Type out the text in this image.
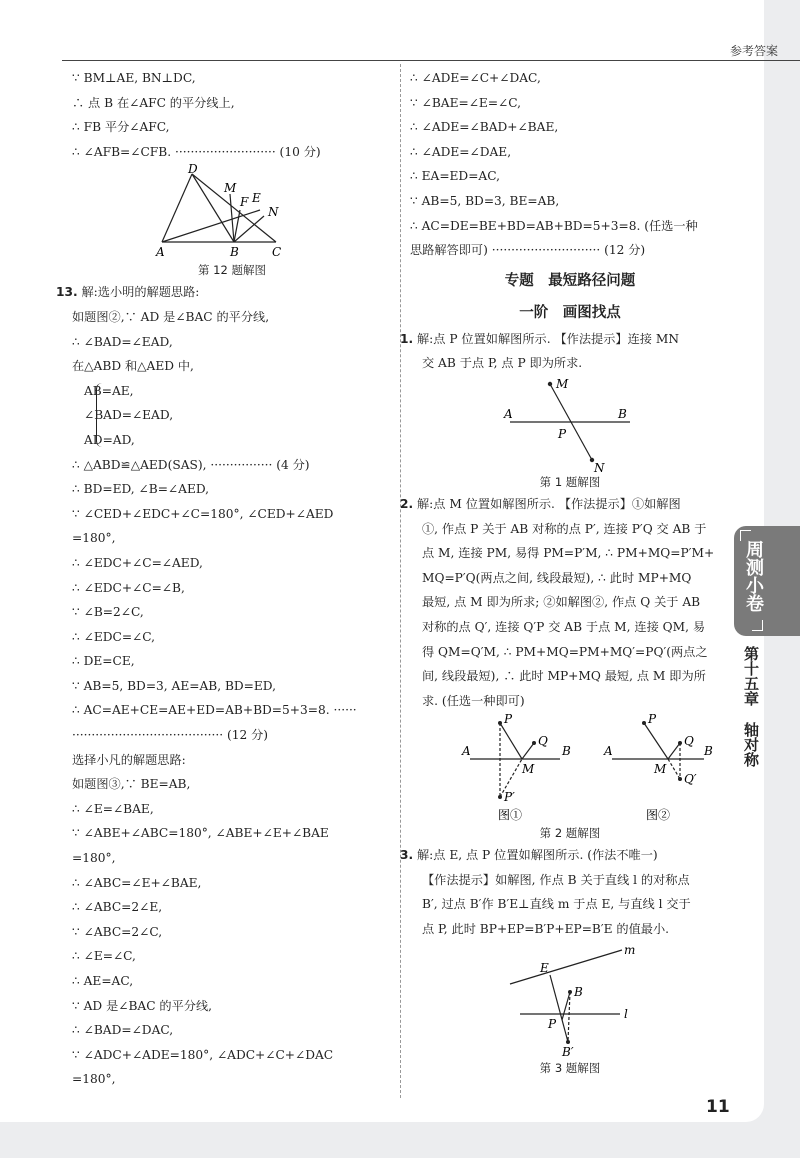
参考答案
∵ BM⊥AE, BN⊥DC,
∴ 点 B 在∠AFC 的平分线上,
∴ FB 平分∠AFC,
∴ ∠AFB=∠CFB. ·························· (10 分)
D
M
F E
N
A	B	C
第 12 题解图
13. 解:选小明的解题思路:
如题图②,∵ AD 是∠BAC 的平分线,
∴ ∠BAD=∠EAD,
在△ABD 和△AED 中,
AB=AE,
∠BAD=∠EAD,
AD=AD,
∴ △ABD≌△AED(SAS), ················ (4 分)
∴ BD=ED, ∠B=∠AED,
∵ ∠CED+∠EDC+∠C=180°, ∠CED+∠AED
=180°,
∴ ∠EDC+∠C=∠AED,
∴ ∠EDC+∠C=∠B,
∵ ∠B=2∠C,
∴ ∠EDC=∠C,
∴ DE=CE,
∵ AB=5, BD=3, AE=AB, BD=ED,
∴ AC=AE+CE=AE+ED=AB+BD=5+3=8. ······
······································· (12 分)
选择小凡的解题思路:
如题图③,∵ BE=AB,
∴ ∠E=∠BAE,
∵ ∠ABE+∠ABC=180°, ∠ABE+∠E+∠BAE
=180°,
∴ ∠ABC=∠E+∠BAE,
∴ ∠ABC=2∠E,
∵ ∠ABC=2∠C,
∴ ∠E=∠C,
∴ AE=AC,
∵ AD 是∠BAC 的平分线,
∴ ∠BAD=∠DAC,
∵ ∠ADC+∠ADE=180°, ∠ADC+∠C+∠DAC
=180°,
∴ ∠ADE=∠C+∠DAC,
∵ ∠BAE=∠E=∠C,
∴ ∠ADE=∠BAD+∠BAE,
∴ ∠ADE=∠DAE,
∴ EA=ED=AC,
∵ AB=5, BD=3, BE=AB,
∴ AC=DE=BE+BD=AB+BD=5+3=8. (任选一种
思路解答即可) ···························· (12 分)
专题　最短路径问题
一阶　画图找点
1. 解:点 P 位置如解图所示. 【作法提示】连接 MN
交 AB 于点 P, 点 P 即为所求.
M
A	B
P
N
第 1 题解图
2. 解:点 M 位置如解图所示. 【作法提示】①如解图
①, 作点 P 关于 AB 对称的点 P′, 连接 P′Q 交 AB 于
点 M, 连接 PM, 易得 PM=P′M, ∴ PM+MQ=P′M+
MQ=P′Q(两点之间, 线段最短), ∴ 此时 MP+MQ
最短, 点 M 即为所求; ②如解图②, 作点 Q 关于 AB
对称的点 Q′, 连接 Q′P 交 AB 于点 M, 连接 QM, 易
得 QM=Q′M, ∴ PM+MQ=PM+MQ′=PQ′(两点之
间, 线段最短), ∴ 此时 MP+MQ 最短, 点 M 即为所
求. (任选一种即可)
P
Q
A	B
M
P′
P
Q
A	B
M
Q′
图①	图②
第 2 题解图
3. 解:点 E, 点 P 位置如解图所示. (作法不唯一)
【作法提示】如解图, 作点 B 关于直线 l 的对称点
B′, 过点 B′作 B′E⊥直线 m 于点 E, 与直线 l 交于
点 P, 此时 BP+EP=B′P+EP=B′E 的值最小.
E
m
B
l
P
B′
第 3 题解图
周测小卷
第十五章
轴对称
11
